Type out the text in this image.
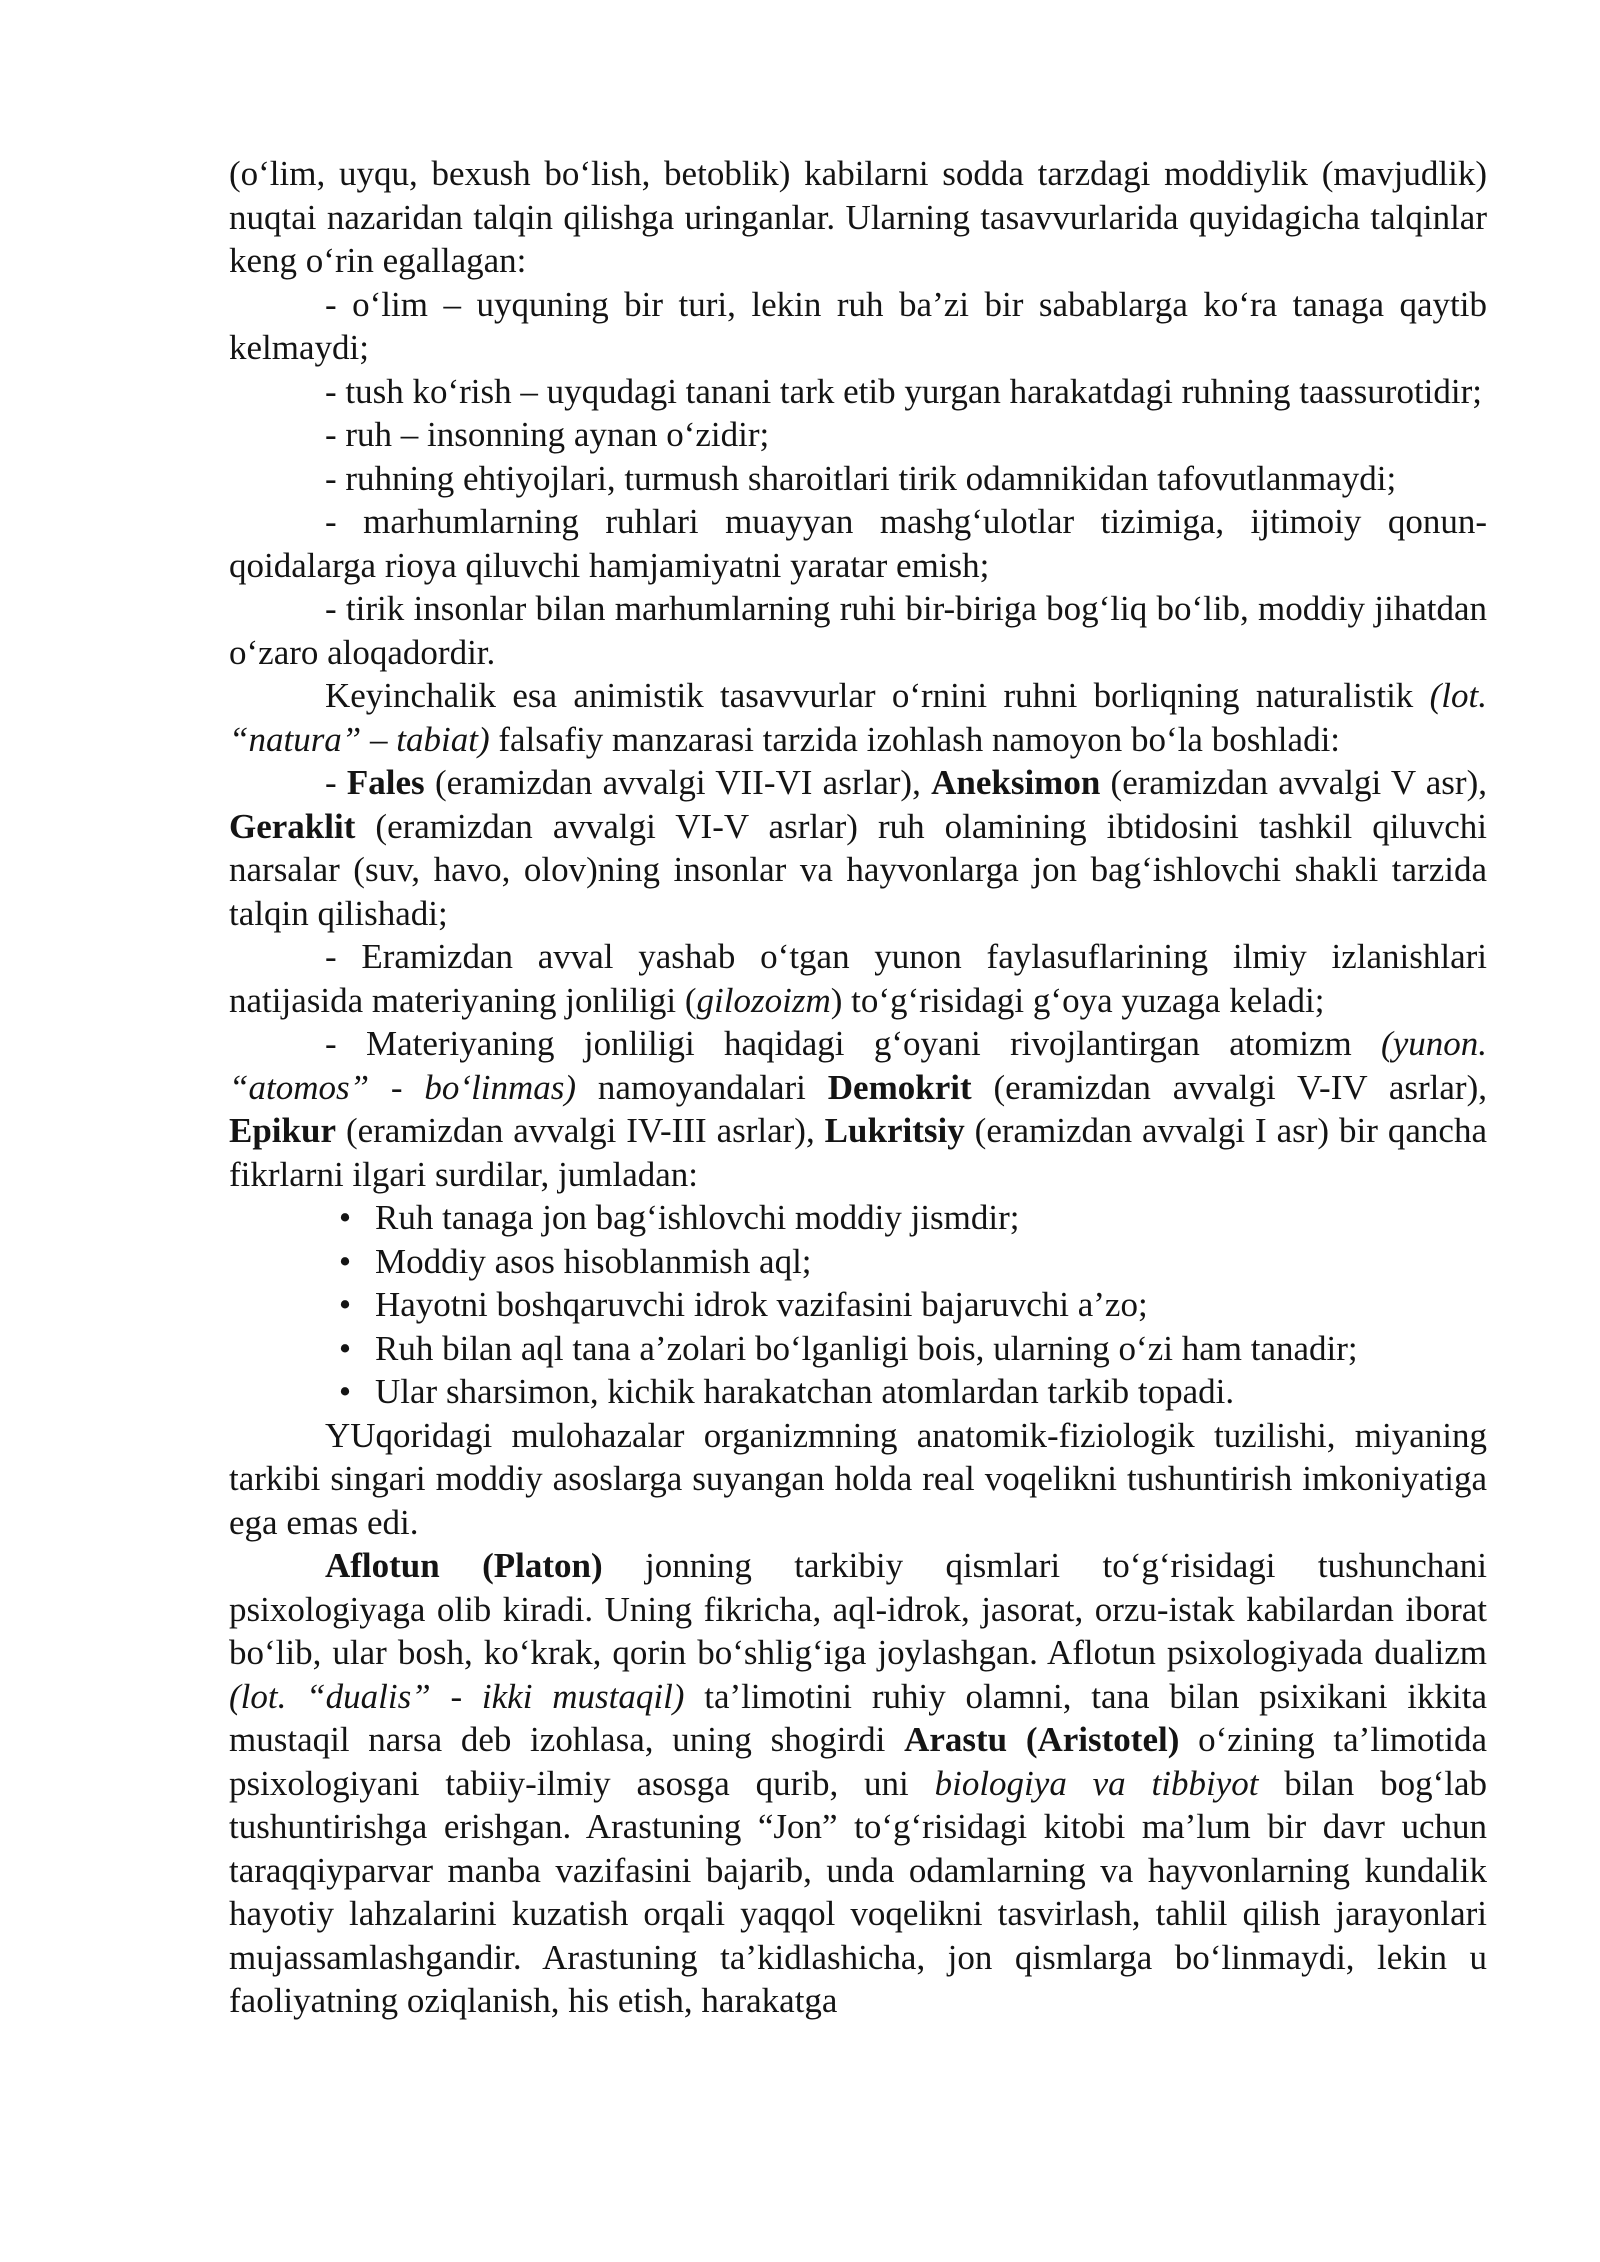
(o‘lim, uyqu, bexush bo‘lish, betoblik) kabilarni sodda tarzdagi moddiylik (mavjudlik) nuqtai nazaridan talqin qilishga uringanlar. Ularning tasavvurlarida quyidagicha talqinlar keng o‘rin egallagan:

- o‘lim – uyquning bir turi, lekin ruh ba’zi bir sabablarga ko‘ra tanaga qaytib kelmaydi;

- tush ko‘rish – uyqudagi tanani tark etib yurgan harakatdagi ruhning taassurotidir;

- ruh – insonning aynan o‘zidir;

- ruhning ehtiyojlari, turmush sharoitlari tirik odamnikidan tafovutlanmaydi;

- marhumlarning ruhlari muayyan mashg‘ulotlar tizimiga, ijtimoiy qonun-qoidalarga rioya qiluvchi hamjamiyatni yaratar emish;

- tirik insonlar bilan marhumlarning ruhi bir-biriga bog‘liq bo‘lib, moddiy jihatdan o‘zaro aloqadordir.

Keyinchalik esa animistik tasavvurlar o‘rnini ruhni borliqning naturalistik (lot. “natura” – tabiat) falsafiy manzarasi tarzida izohlash namoyon bo‘la boshladi:

- Fales (eramizdan avvalgi VII-VI asrlar), Aneksimon (eramizdan avvalgi V asr), Geraklit (eramizdan avvalgi VI-V asrlar) ruh olamining ibtidosini tashkil qiluvchi narsalar (suv, havo, olov)ning insonlar va hayvonlarga jon bag‘ishlovchi shakli tarzida talqin qilishadi;

- Eramizdan avval yashab o‘tgan yunon faylasuflarining ilmiy izlanishlari natijasida materiyaning jonliligi (gilozoizm) to‘g‘risidagi g‘oya yuzaga keladi;

- Materiyaning jonliligi haqidagi g‘oyani rivojlantirgan atomizm (yunon. “atomos” - bo‘linmas) namoyandalari Demokrit (eramizdan avvalgi V-IV asrlar), Epikur (eramizdan avvalgi IV-III asrlar), Lukritsiy (eramizdan avvalgi I asr) bir qancha fikrlarni ilgari surdilar, jumladan:

• Ruh tanaga jon bag‘ishlovchi moddiy jismdir;
• Moddiy asos hisoblanmish aql;
• Hayotni boshqaruvchi idrok vazifasini bajaruvchi a’zo;
• Ruh bilan aql tana a’zolari bo‘lganligi bois, ularning o‘zi ham tanadir;
• Ular sharsimon, kichik harakatchan atomlardan tarkib topadi.

YUqoridagi mulohazalar organizmning anatomik-fiziologik tuzilishi, miyaning tarkibi singari moddiy asoslarga suyangan holda real voqelikni tushuntirish imkoniyatiga ega emas edi.

Aflotun (Platon) jonning tarkibiy qismlari to‘g‘risidagi tushunchani psixologiyaga olib kiradi. Uning fikricha, aql-idrok, jasorat, orzu-istak kabilardan iborat bo‘lib, ular bosh, ko‘krak, qorin bo‘shlig‘iga joylashgan. Aflotun psixologiyada dualizm (lot. “dualis” - ikki mustaqil) ta’limotini ruhiy olamni, tana bilan psixikani ikkita mustaqil narsa deb izohlasa, uning shogirdi Arastu (Aristotel) o‘zining ta’limotida psixologiyani tabiiy-ilmiy asosga qurib, uni biologiya va tibbiyot bilan bog‘lab tushuntirishga erishgan. Arastuning “Jon” to‘g‘risidagi kitobi ma’lum bir davr uchun taraqqiyparvar manba vazifasini bajarib, unda odamlarning va hayvonlarning kundalik hayotiy lahzalarini kuzatish orqali yaqqol voqelikni tasvirlash, tahlil qilish jarayonlari mujassamlashgandir. Arastuning ta’kidlashicha, jon qismlarga bo‘linmaydi, lekin u faoliyatning oziqlanish, his etish, harakatga
